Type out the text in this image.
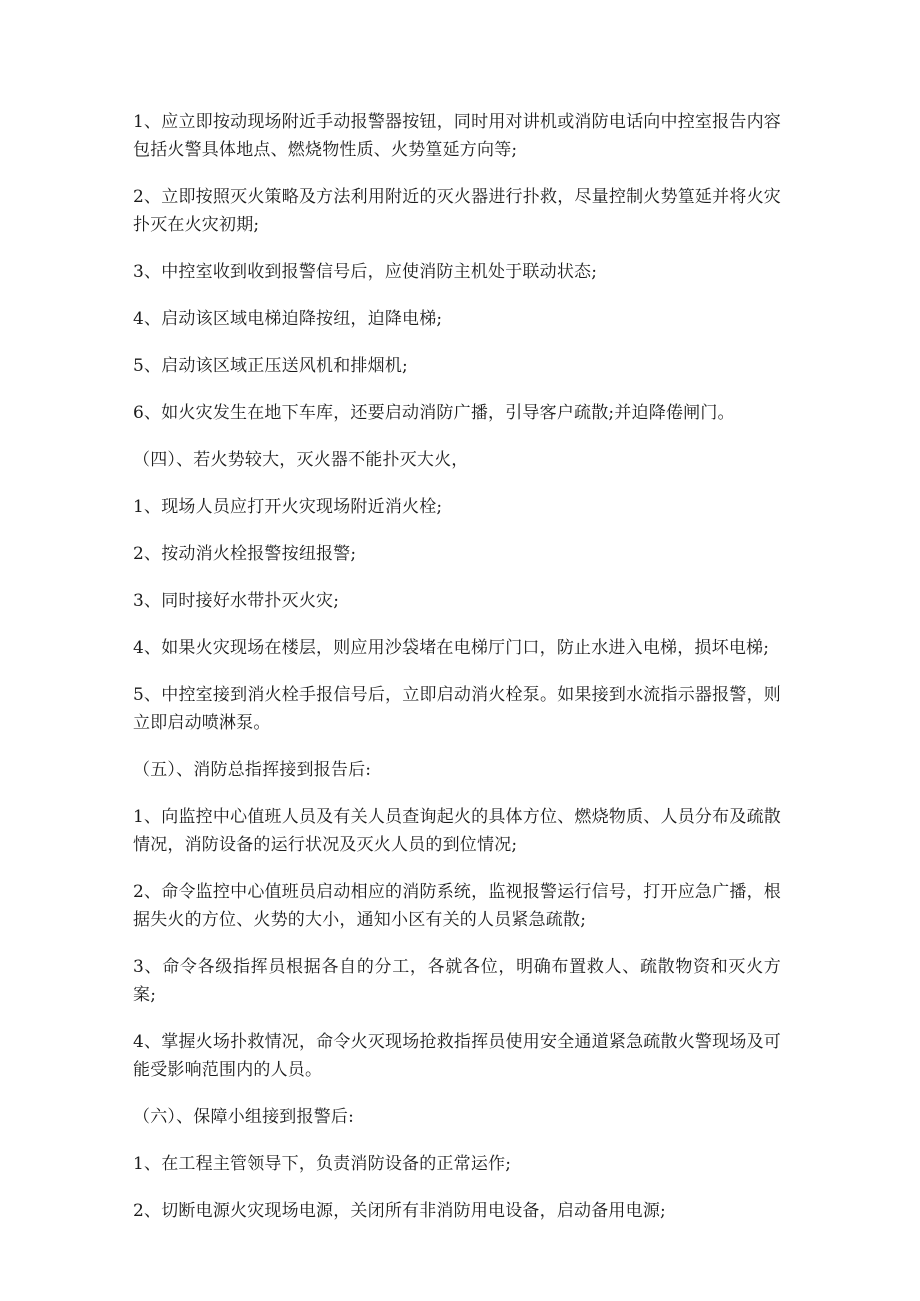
1、应立即按动现场附近手动报警器按钮，同时用对讲机或消防电话向中控室报告内容包括火警具体地点、燃烧物性质、火势篁延方向等;

2、立即按照灭火策略及方法利用附近的灭火器进行扑救，尽量控制火势篁延并将火灾扑灭在火灾初期;

3、中控室收到收到报警信号后，应使消防主机处于联动状态;

4、启动该区域电梯迫降按纽，迫降电梯;

5、启动该区域正压送风机和排烟机;

6、如火灾发生在地下车库，还要启动消防广播，引导客户疏散;并迫降倦闸门。

（四）、若火势较大，灭火器不能扑灭大火，

1、现场人员应打开火灾现场附近消火栓;

2、按动消火栓报警按纽报警;

3、同时接好水带扑灭火灾;

4、如果火灾现场在楼层，则应用沙袋堵在电梯厅门口，防止水进入电梯，损坏电梯;

5、中控室接到消火栓手报信号后，立即启动消火栓泵。如果接到水流指示器报警，则立即启动喷淋泵。

（五）、消防总指挥接到报告后:

1、向监控中心值班人员及有关人员查询起火的具体方位、燃烧物质、人员分布及疏散情况，消防设备的运行状况及灭火人员的到位情况;

2、命令监控中心值班员启动相应的消防系统，监视报警运行信号，打开应急广播，根据失火的方位、火势的大小，通知小区有关的人员紧急疏散;

3、命令各级指挥员根据各自的分工，各就各位，明确布置救人、疏散物资和灭火方案;

4、掌握火场扑救情况，命令火灭现场抢救指挥员使用安全通道紧急疏散火警现场及可能受影响范围内的人员。

（六）、保障小组接到报警后:

1、在工程主管领导下，负责消防设备的正常运作;

2、切断电源火灾现场电源，关闭所有非消防用电设备，启动备用电源;
